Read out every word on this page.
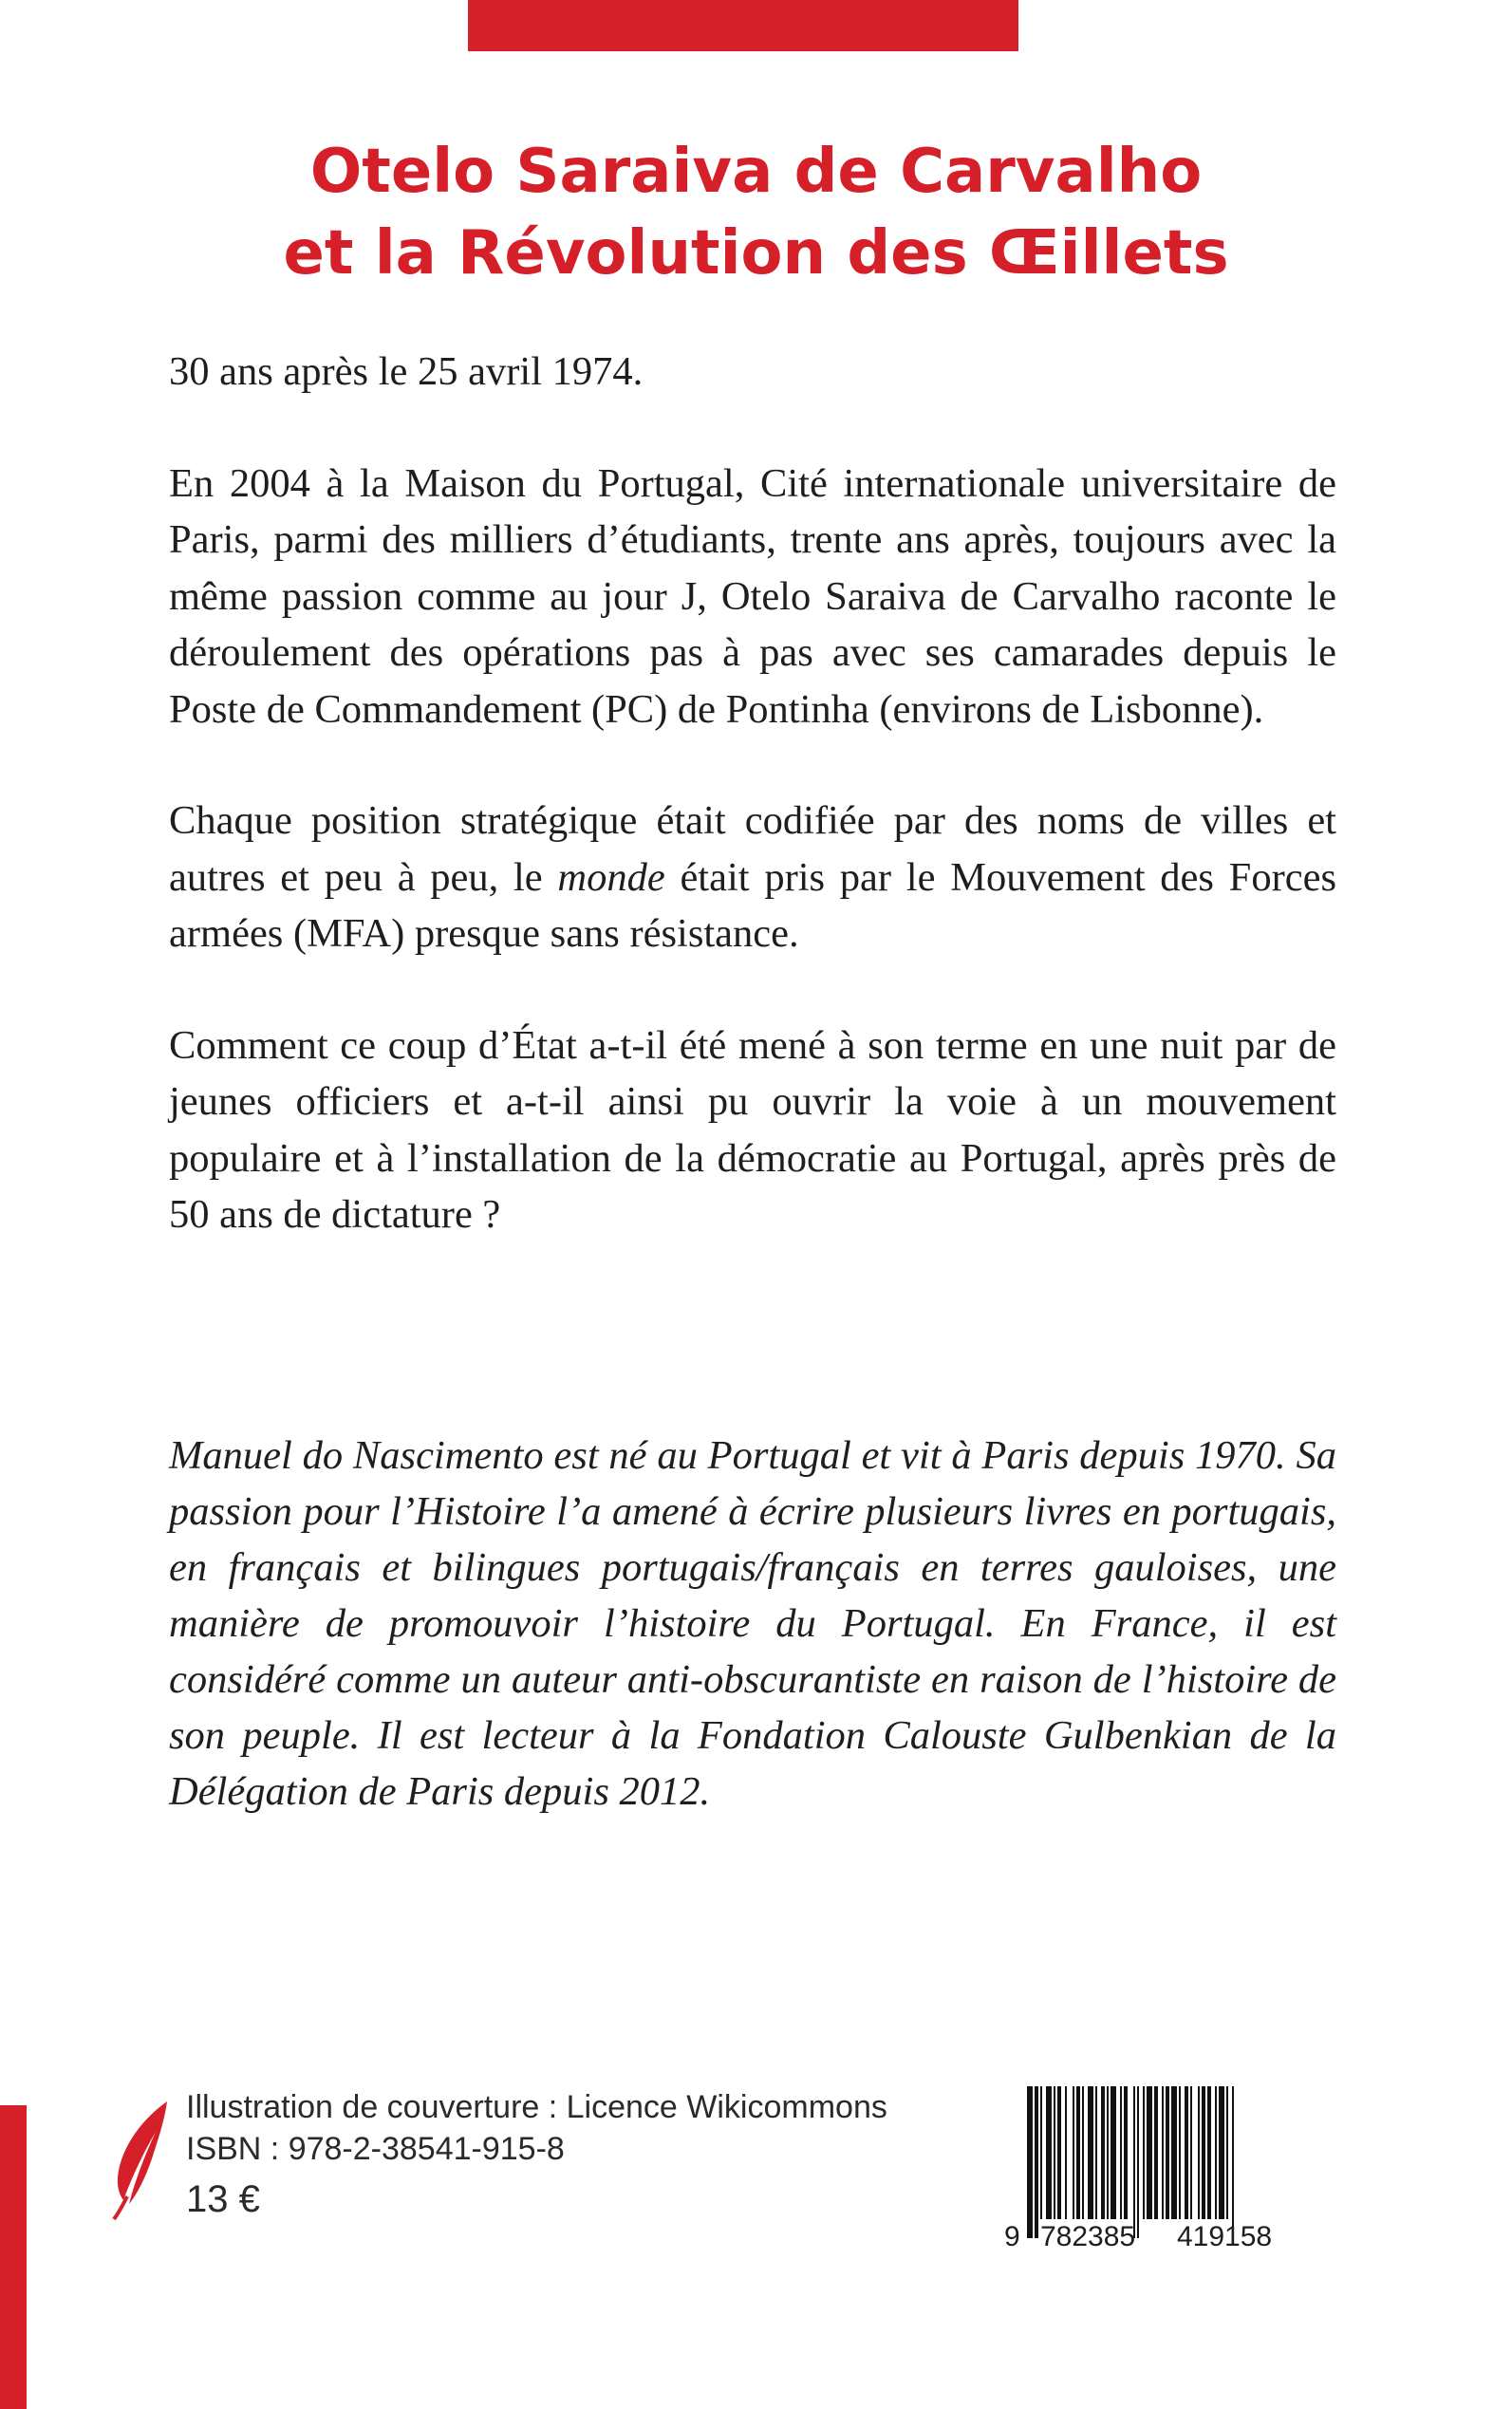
Otelo Saraiva de Carvalho
et la Révolution des Œillets

30 ans après le 25 avril 1974.

En 2004 à la Maison du Portugal, Cité internationale universitaire de Paris, parmi des milliers d’étudiants, trente ans après, toujours avec la même passion comme au jour J, Otelo Saraiva de Carvalho raconte le déroulement des opérations pas à pas avec ses camarades depuis le Poste de Commandement (PC) de Pontinha (environs de Lisbonne).

Chaque position stratégique était codifiée par des noms de villes et autres et peu à peu, le monde était pris par le Mouvement des Forces armées (MFA) presque sans résistance.

Comment ce coup d’État a-t-il été mené à son terme en une nuit par de jeunes officiers et a-t-il ainsi pu ouvrir la voie à un mouvement populaire et à l’installation de la démocratie au Portugal, après près de 50 ans de dictature ?

Manuel do Nascimento est né au Portugal et vit à Paris depuis 1970. Sa passion pour l’Histoire l’a amené à écrire plusieurs livres en portugais, en français et bilingues portugais/français en terres gauloises, une manière de promouvoir l’histoire du Portugal. En France, il est considéré comme un auteur anti-obscurantiste en raison de l’histoire de son peuple. Il est lecteur à la Fondation Calouste Gulbenkian de la Délégation de Paris depuis 2012.

Illustration de couverture : Licence Wikicommons
ISBN : 978-2-38541-915-8
13 €
9 782385 419158
